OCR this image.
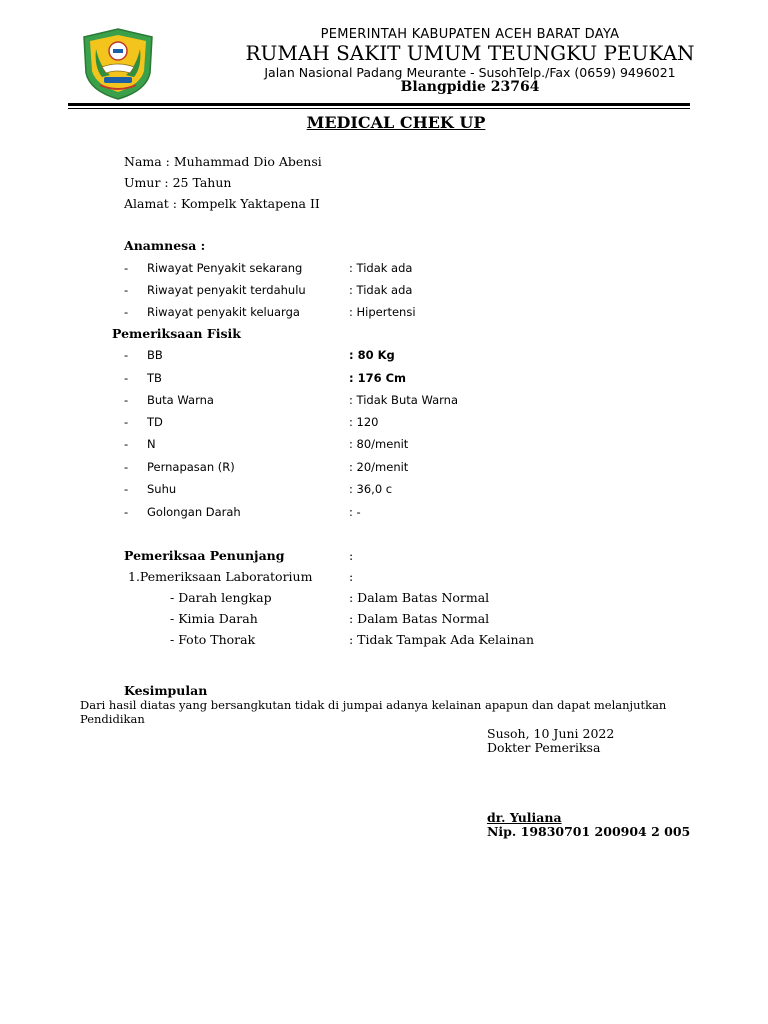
PEMERINTAH KABUPATEN ACEH BARAT DAYA
RUMAH SAKIT UMUM TEUNGKU PEUKAN
Jalan Nasional Padang Meurante - SusohTelp./Fax (0659) 9496021
Blangpidie 23764
MEDICAL CHEK UP
Nama : Muhammad Dio Abensi
Umur : 25 Tahun
Alamat : Kompelk Yaktapena II
Anamnesa :
- Riwayat Penyakit sekarang	: Tidak ada
- Riwayat penyakit terdahulu	: Tidak ada
- Riwayat penyakit keluarga	: Hipertensi
Pemeriksaan Fisik
- BB	: 80 Kg
- TB	: 176 Cm
- Buta Warna	: Tidak Buta Warna
- TD	: 120
- N	: 80/menit
- Pernapasan (R)	: 20/menit
- Suhu	: 36,0 c
- Golongan Darah	: -
Pemeriksaa Penunjang	:
1.Pemeriksaan Laboratorium	:
- Darah lengkap	: Dalam Batas Normal
- Kimia Darah	: Dalam Batas Normal
- Foto Thorak	: Tidak Tampak Ada Kelainan
Kesimpulan
Dari hasil diatas yang bersangkutan tidak di jumpai adanya kelainan apapun dan dapat melanjutkan
Pendidikan
Susoh, 10 Juni 2022
Dokter Pemeriksa
dr. Yuliana
Nip. 19830701 200904 2 005
